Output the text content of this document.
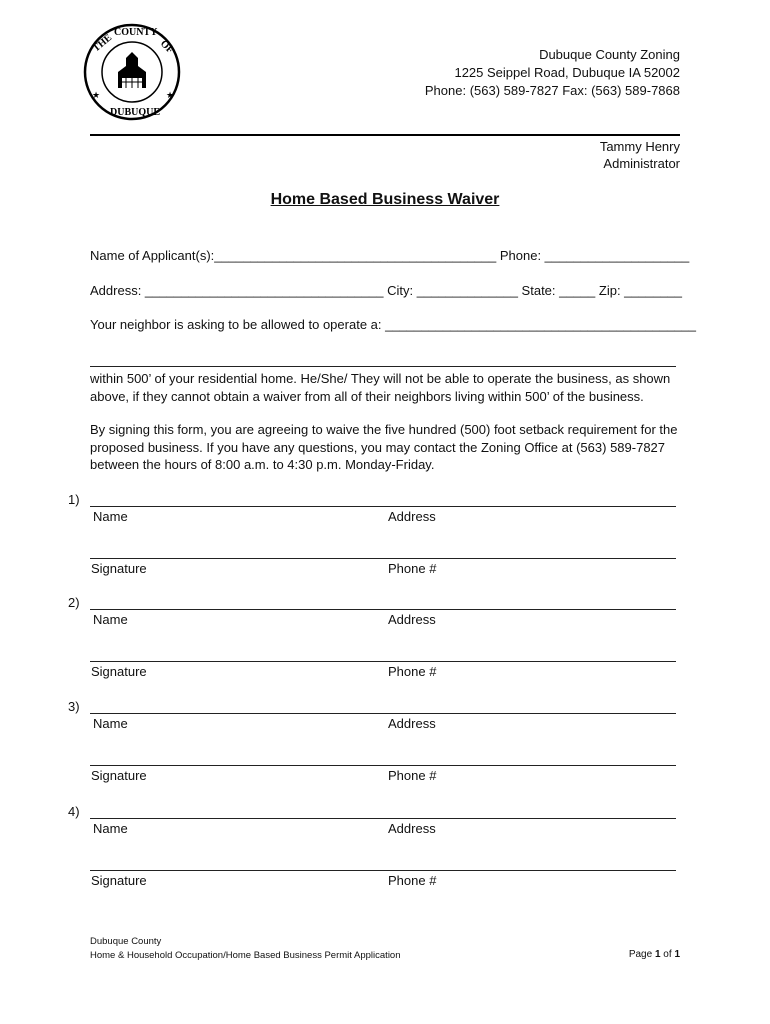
THE COUNTY
OF
DUBUQUE
★	★
Dubuque County Zoning
1225 Seippel Road, Dubuque IA 52002
Phone: (563) 589-7827 Fax: (563) 589-7868
Tammy Henry
Administrator
Home Based Business Waiver
Name of Applicant(s):_______________________________________ Phone: ____________________
Address: _________________________________ City: ______________ State: _____ Zip: ________
Your neighbor is asking to be allowed to operate a: ___________________________________________
within 500’ of your residential home. He/She/ They will not be able to operate the business, as shown above, if they cannot obtain a waiver from all of their neighbors living within 500’ of the business.
By signing this form, you are agreeing to waive the five hundred (500) foot setback requirement for the proposed business. If you have any questions, you may contact the Zoning Office at (563) 589-7827 between the hours of 8:00 a.m. to 4:30 p.m. Monday-Friday.
1)
Name	Address
Signature	Phone #
2)
Name	Address
Signature	Phone #
3)
Name	Address
Signature	Phone #
4)
Name	Address
Signature	Phone #
Dubuque County
Home & Household Occupation/Home Based Business Permit Application	Page 1 of 1
